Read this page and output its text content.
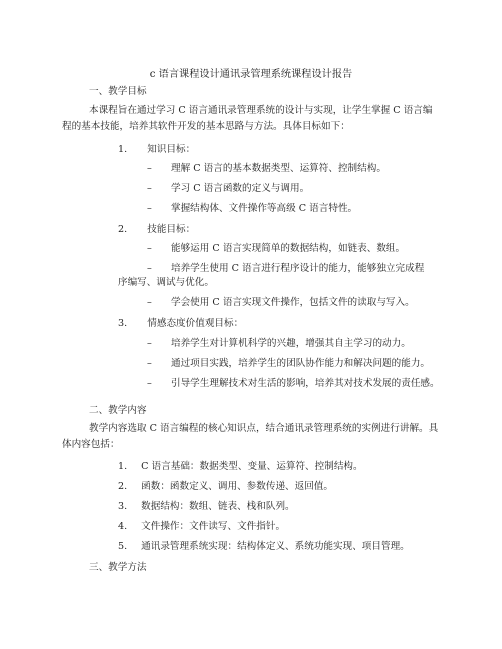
c 语言课程设计通讯录管理系统课程设计报告
一、教学目标
本课程旨在通过学习 C 语言通讯录管理系统的设计与实现，让学生掌握 C 语言编程的基本技能，培养其软件开发的基本思路与方法。具体目标如下：
1. 知识目标：
– 理解 C 语言的基本数据类型、运算符、控制结构。
– 学习 C 语言函数的定义与调用。
– 掌握结构体、文件操作等高级 C 语言特性。
2. 技能目标：
– 能够运用 C 语言实现简单的数据结构，如链表、数组。
– 培养学生使用 C 语言进行程序设计的能力，能够独立完成程
序编写、调试与优化。
– 学会使用 C 语言实现文件操作，包括文件的读取与写入。
3. 情感态度价值观目标：
– 培养学生对计算机科学的兴趣，增强其自主学习的动力。
– 通过项目实践，培养学生的团队协作能力和解决问题的能力。
– 引导学生理解技术对生活的影响，培养其对技术发展的责任感。
二、教学内容
教学内容选取 C 语言编程的核心知识点，结合通讯录管理系统的实例进行讲解。具体内容包括：
1. C 语言基础：数据类型、变量、运算符、控制结构。
2. 函数：函数定义、调用、参数传递、返回值。
3. 数据结构：数组、链表、栈和队列。
4. 文件操作：文件读写、文件指针。
5. 通讯录管理系统实现：结构体定义、系统功能实现、项目管理。
三、教学方法
